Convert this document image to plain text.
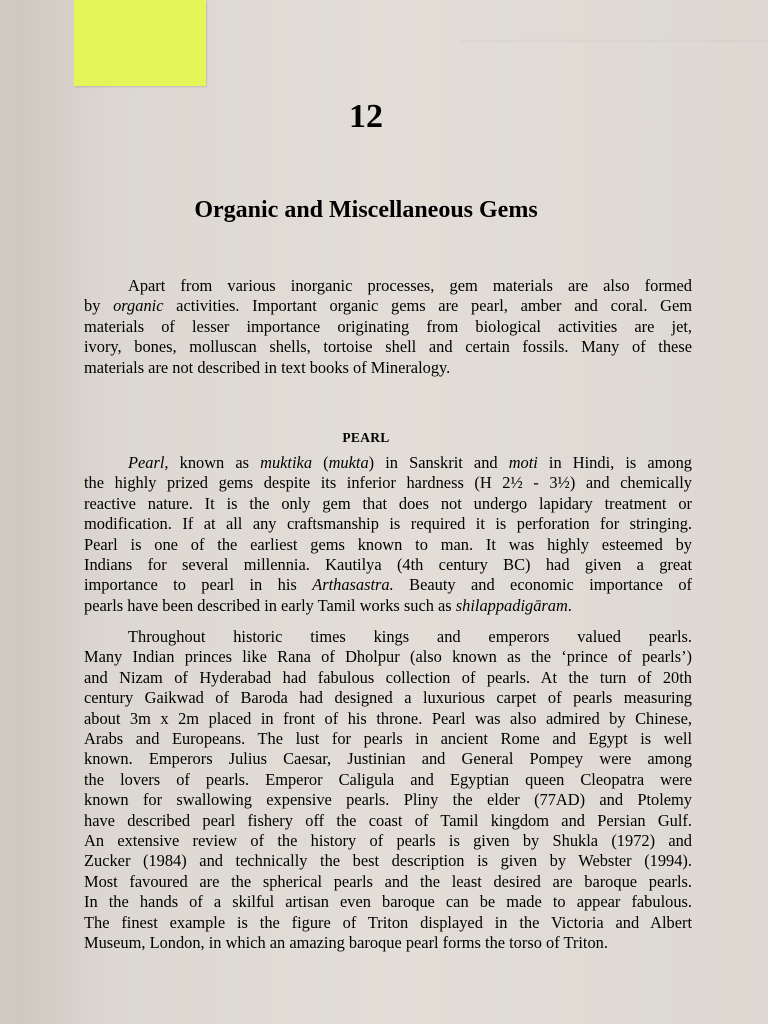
~~~~~~~~~~~~~~~~~~~~~~~~~~~~~~~~~~~~~~
12
Organic and Miscellaneous Gems
Apart from various inorganic processes, gem materials are also formed
by organic activities. Important organic gems are pearl, amber and coral. Gem
materials of lesser importance originating from biological activities are jet,
ivory, bones, molluscan shells, tortoise shell and certain fossils. Many of these
materials are not described in text books of Mineralogy.
PEARL
Pearl, known as muktika (mukta) in Sanskrit and moti in Hindi, is among
the highly prized gems despite its inferior hardness (H 2½ - 3½) and chemically
reactive nature. It is the only gem that does not undergo lapidary treatment or
modification. If at all any craftsmanship is required it is perforation for stringing.
Pearl is one of the earliest gems known to man. It was highly esteemed by
Indians for several millennia. Kautilya (4th century BC) had given a great
importance to pearl in his Arthasastra. Beauty and economic importance of
pearls have been described in early Tamil works such as shilappadigāram.
Throughout historic times kings and emperors valued pearls.
Many Indian princes like Rana of Dholpur (also known as the ‘prince of pearls’)
and Nizam of Hyderabad had fabulous collection of pearls. At the turn of 20th
century Gaikwad of Baroda had designed a luxurious carpet of pearls measuring
about 3m x 2m placed in front of his throne. Pearl was also admired by Chinese,
Arabs and Europeans. The lust for pearls in ancient Rome and Egypt is well
known. Emperors Julius Caesar, Justinian and General Pompey were among
the lovers of pearls. Emperor Caligula and Egyptian queen Cleopatra were
known for swallowing expensive pearls. Pliny the elder (77AD) and Ptolemy
have described pearl fishery off the coast of Tamil kingdom and Persian Gulf.
An extensive review of the history of pearls is given by Shukla (1972) and
Zucker (1984) and technically the best description is given by Webster (1994).
Most favoured are the spherical pearls and the least desired are baroque pearls.
In the hands of a skilful artisan even baroque can be made to appear fabulous.
The finest example is the figure of Triton displayed in the Victoria and Albert
Museum, London, in which an amazing baroque pearl forms the torso of Triton.
